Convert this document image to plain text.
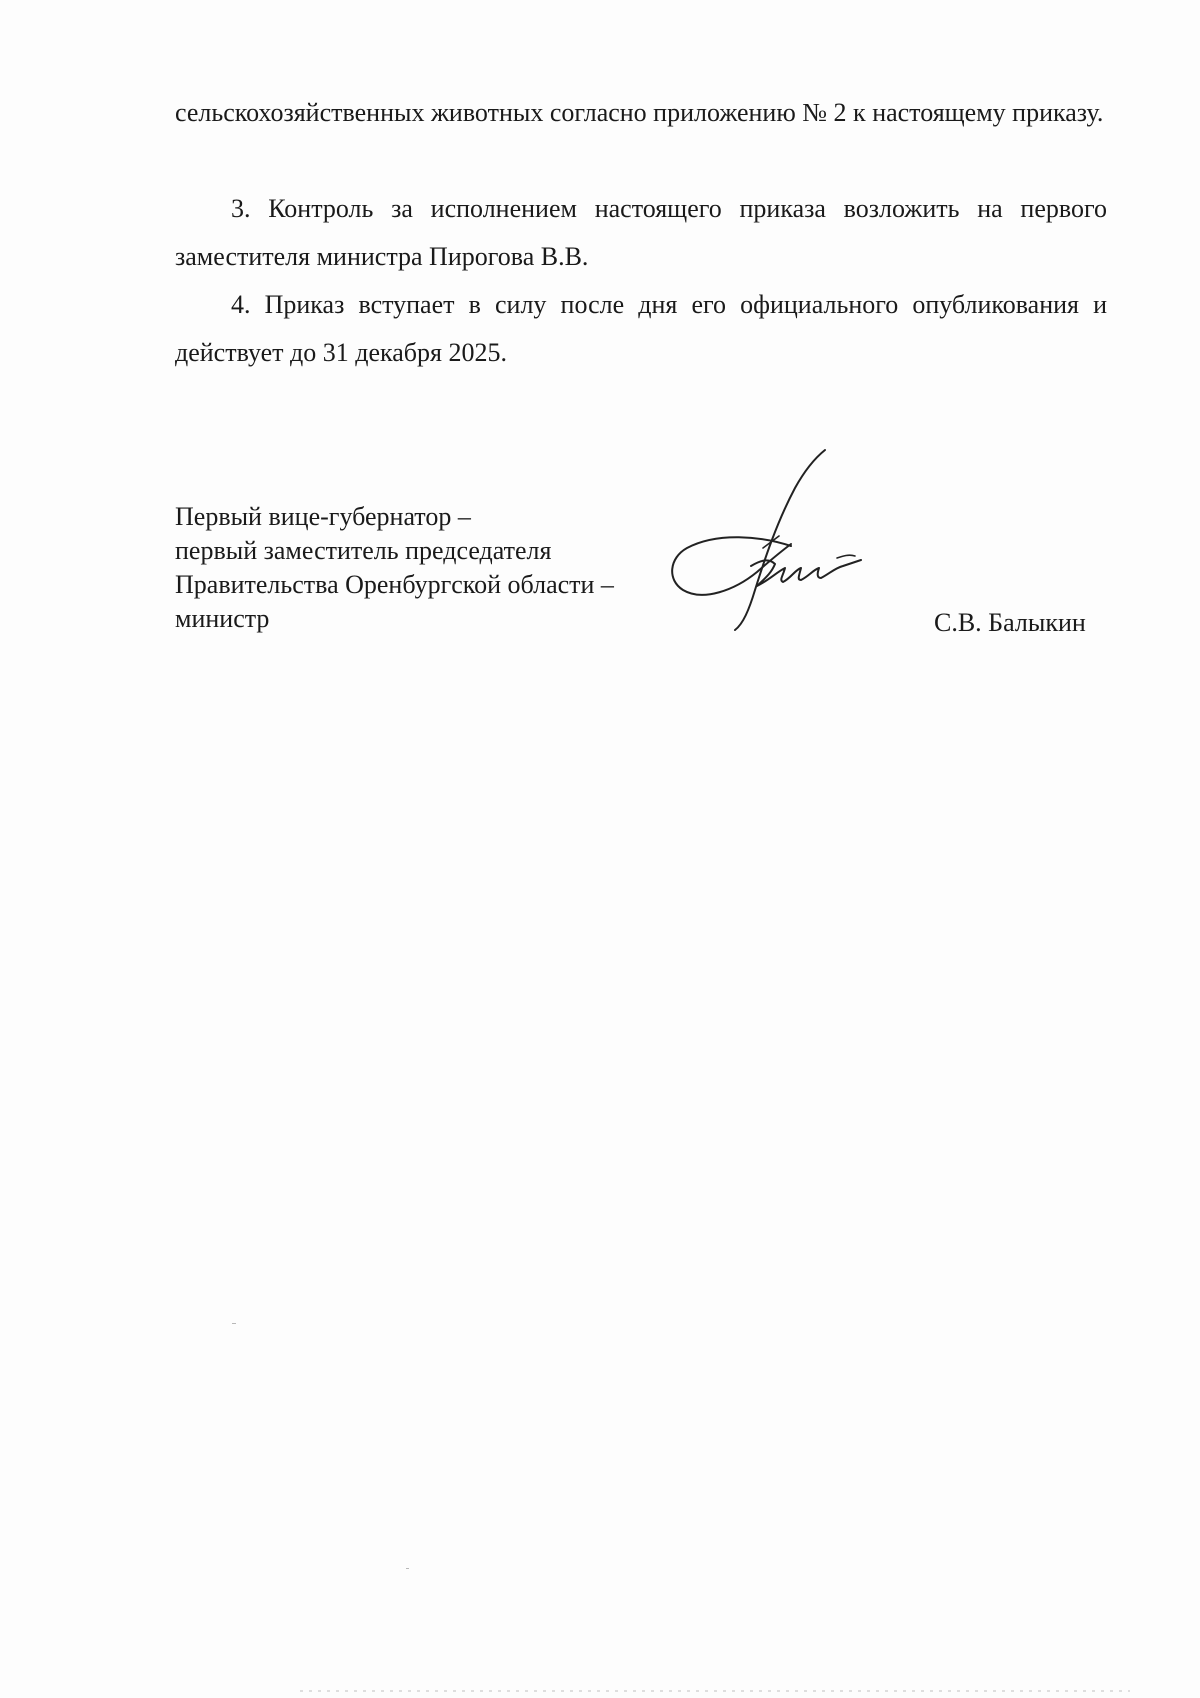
сельскохозяйственных животных согласно приложению № 2 к настоящему приказу.

3. Контроль за исполнением настоящего приказа возложить на первого заместителя министра Пирогова В.В.

4. Приказ вступает в силу после дня его официального опубликования и действует до 31 декабря 2025.

Первый вице-губернатор –
первый заместитель председателя
Правительства Оренбургской области –
министр	С.В. Балыкин
